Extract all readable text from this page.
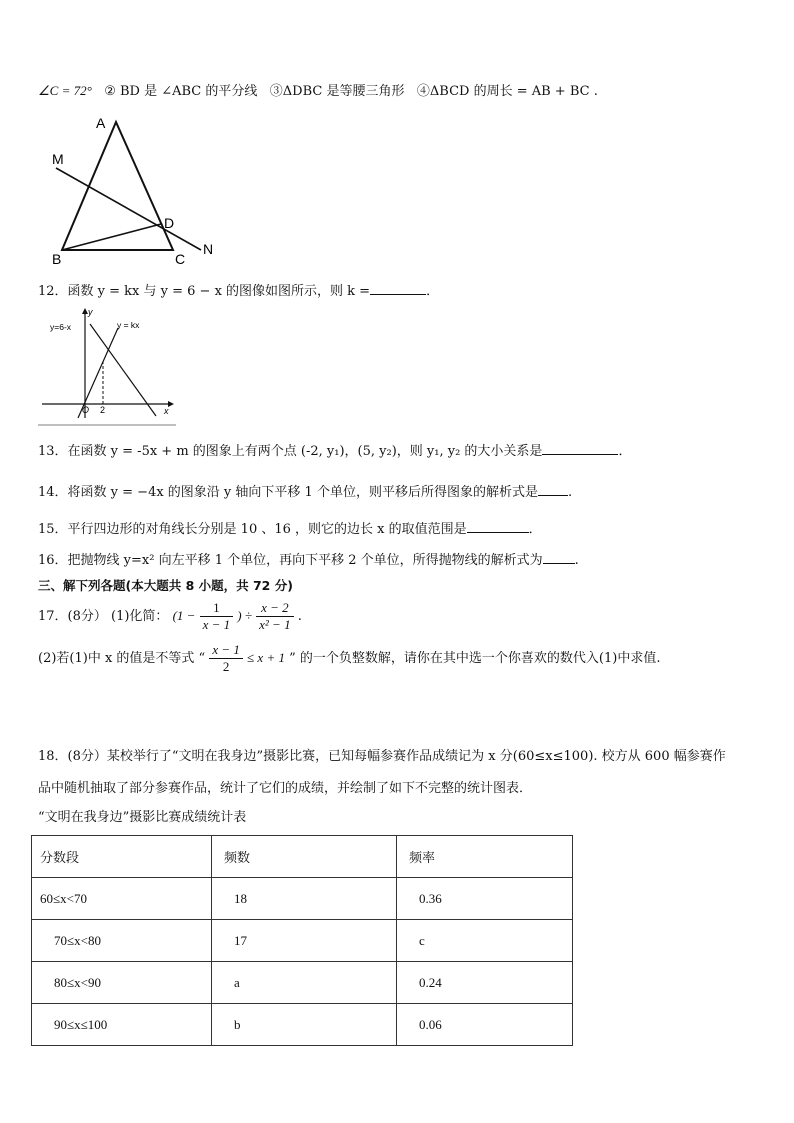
∠C = 72° ② BD 是 ∠ABC 的平分线 ③ΔDBC 是等腰三角形 ④ΔBCD 的周长 = AB + BC .
A
M
D
N
B	C
12．函数 y = kx 与 y = 6 − x 的图像如图所示，则 k =	．
y=6-x	y = kx
y
x
O 2
13．在函数 y = -5x + m 的图象上有两个点 (-2, y₁)，(5, y₂)，则 y₁, y₂ 的大小关系是	．
14．将函数 y = −4x 的图象沿 y 轴向下平移 1 个单位，则平移后所得图象的解析式是 .
15．平行四边形的对角线长分别是 10 、16 ，则它的边长 x 的取值范围是	．
16．把抛物线 y=x² 向左平移 1 个单位，再向下平移 2 个单位，所得抛物线的解析式为 .
三、解下列各题(本大题共 8 小题，共 72 分)
17．(8分） (1)化简： ($1 - \frac{1}{x - 1}$ ) ÷ $\frac{x - 2}{\text{x² − 1}}$ .
(2)若(1)中 x 的值是不等式 “ $\frac{x - 1}{2} \le x + 1$ ” 的一个负整数解，请你在其中选一个你喜欢的数代入(1)中求值.
18．(8分）某校举行了“文明在我身边”摄影比赛，已知每幅参赛作品成绩记为 x 分(60≤x≤100). 校方从 600 幅参赛作
品中随机抽取了部分参赛作品，统计了它们的成绩，并绘制了如下不完整的统计图表．
“文明在我身边”摄影比赛成绩统计表
分数段	频数	频率
60≤x<70	18	0.36
70≤x<80	17	c
80≤x<90	a	0.24
90≤x≤100	b	0.06
